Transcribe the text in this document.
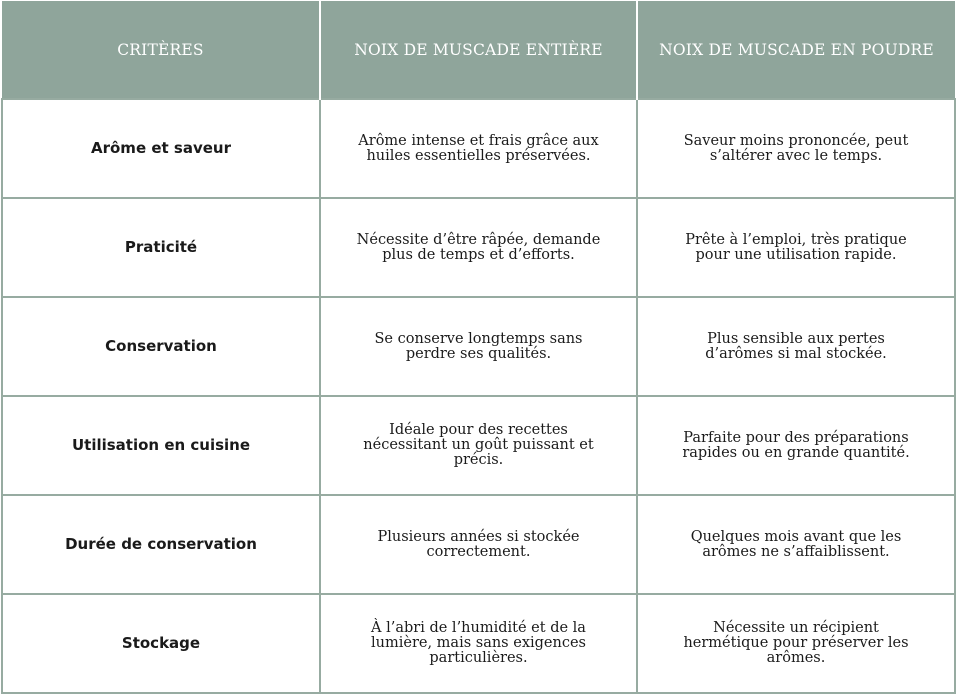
CRITÈRES	NOIX DE MUSCADE ENTIÈRE	NOIX DE MUSCADE EN POUDRE
Arôme et saveur	Arôme intense et frais grâce aux huiles essentielles préservées.	Saveur moins prononcée, peut s’altérer avec le temps.
Praticité	Nécessite d’être râpée, demande plus de temps et d’efforts.	Prête à l’emploi, très pratique pour une utilisation rapide.
Conservation	Se conserve longtemps sans perdre ses qualités.	Plus sensible aux pertes d’arômes si mal stockée.
Utilisation en cuisine	Idéale pour des recettes nécessitant un goût puissant et précis.	Parfaite pour des préparations rapides ou en grande quantité.
Durée de conservation	Plusieurs années si stockée correctement.	Quelques mois avant que les arômes ne s’affaiblissent.
Stockage	À l’abri de l’humidité et de la lumière, mais sans exigences particulières.	Nécessite un récipient hermétique pour préserver les arômes.
